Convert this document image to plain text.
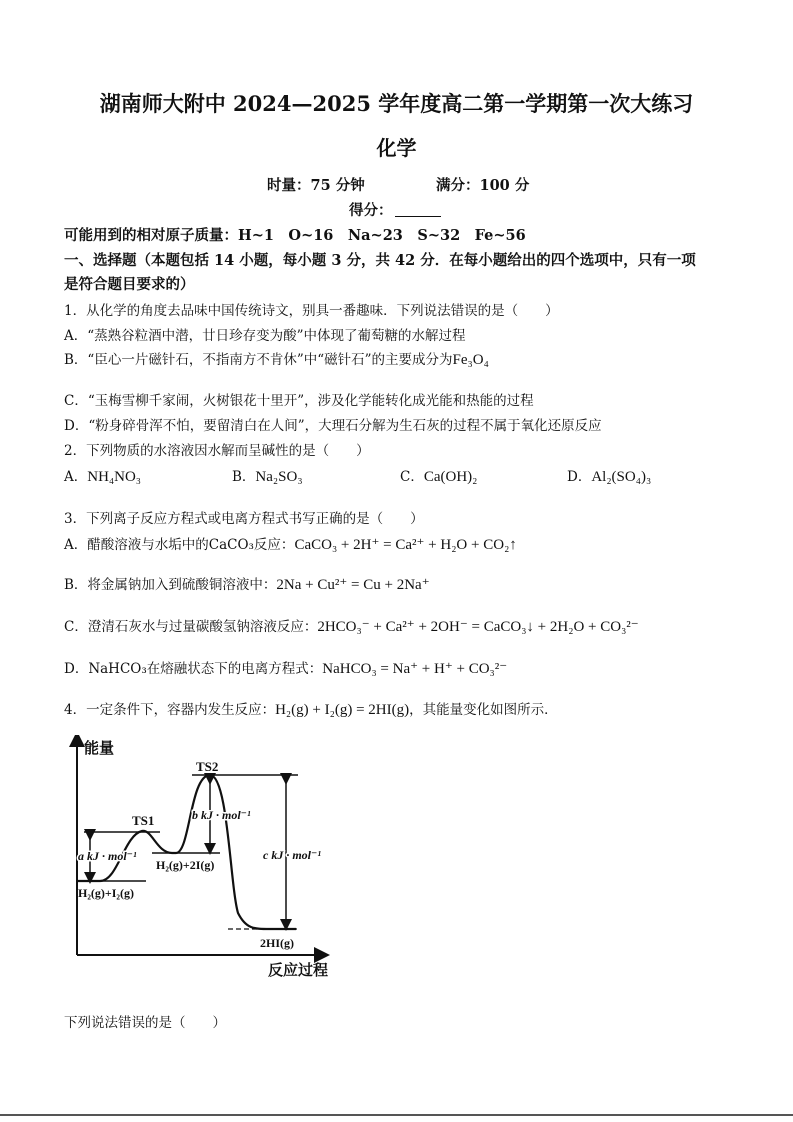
湖南师大附中 2024—2025 学年度高二第一学期第一次大练习
化学
时量：75 分钟	满分：100 分
得分：
可能用到的相对原子质量：H~1　O~16　Na~23　S~32　Fe~56
一、选择题（本题包括 14 小题，每小题 3 分，共 42 分．在每小题给出的四个选项中，只有一项
是符合题目要求的）
1．从化学的角度去品味中国传统诗文，别具一番趣味．下列说法错误的是（　　）
A．“蒸熟谷粒酒中潜，廿日珍存变为酸”中体现了葡萄糖的水解过程
B．“臣心一片磁针石，不指南方不肯休”中“磁针石”的主要成分为Fe₃O₄
C．“玉梅雪柳千家闹，火树银花十里开”，涉及化学能转化成光能和热能的过程
D．“粉身碎骨浑不怕，要留清白在人间”，大理石分解为生石灰的过程不属于氧化还原反应
2．下列物质的水溶液因水解而呈碱性的是（　　）
A．NH₄NO₃	B．Na₂SO₃	C．Ca(OH)₂	D．Al₂(SO₄)₃
3．下列离子反应方程式或电离方程式书写正确的是（　　）
A．醋酸溶液与水垢中的CaCO₃反应：CaCO₃ + 2H⁺ = Ca²⁺ + H₂O + CO₂↑
B．将金属钠加入到硫酸铜溶液中：2Na + Cu²⁺ = Cu + 2Na⁺
C．澄清石灰水与过量碳酸氢钠溶液反应：2HCO₃⁻ + Ca²⁺ + 2OH⁻ = CaCO₃↓ + 2H₂O + CO₃²⁻
D．NaHCO₃在熔融状态下的电离方程式：NaHCO₃ = Na⁺ + H⁺ + CO₃²⁻
4．一定条件下，容器内发生反应：H₂(g) + I₂(g) = 2HI(g)，其能量变化如图所示．
能量
反应过程
TS1
TS2
a kJ · mol⁻¹
b kJ · mol⁻¹
c kJ · mol⁻¹
H₂(g)+I₂(g)
H₂(g)+2I(g)
2HI(g)
下列说法错误的是（　　）
